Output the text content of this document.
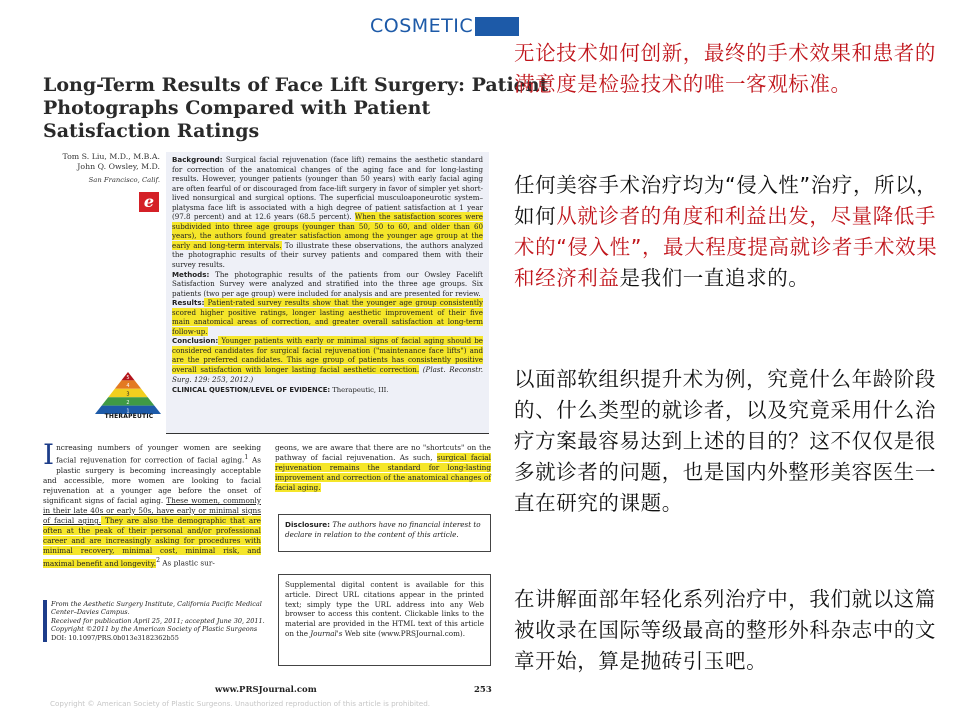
COSMETIC
Long-Term Results of Face Lift Surgery: Patient
Photographs Compared with Patient
Satisfaction Ratings
Tom S. Liu, M.D., M.B.A.
John Q. Owsley, M.D.
San Francisco, Calif.
e
5
4
3
2
1
THERAPEUTIC

Background: Surgical facial rejuvenation (face lift) remains the aesthetic standard for correction of the anatomical changes of the aging face and for long-lasting results. However, younger patients (younger than 50 years) with early facial aging are often fearful of or discouraged from face-lift surgery in favor of simpler yet short-lived nonsurgical and surgical options. The superficial musculoaponeurotic system–platysma face lift is associated with a high degree of patient satisfaction at 1 year (97.8 percent) and at 12.6 years (68.5 percent). When the satisfaction scores were subdivided into three age groups (younger than 50, 50 to 60, and older than 60 years), the authors found greater satisfaction among the younger age group at the early and long-term intervals. To illustrate these observations, the authors analyzed the photographic results of their survey patients and compared them with their survey results.

Methods: The photographic results of the patients from our Owsley Facelift Satisfaction Survey were analyzed and stratified into the three age groups. Six patients (two per age group) were included for analysis and are presented for review.

Results: Patient-rated survey results show that the younger age group consistently scored higher positive ratings, longer lasting aesthetic improvement of their five main anatomical areas of correction, and greater overall satisfaction at long-term follow-up.

Conclusion: Younger patients with early or minimal signs of facial aging should be considered candidates for surgical facial rejuvenation ("maintenance face lifts") and are the preferred candidates. This age group of patients has consistently positive overall satisfaction with longer lasting facial aesthetic correction. (Plast. Reconstr. Surg. 129: 253, 2012.)

CLINICAL QUESTION/LEVEL OF EVIDENCE: Therapeutic, III.
Increasing numbers of younger women are seeking facial rejuvenation for correction of facial aging.$^1$ As plastic surgery is becoming increasingly acceptable and accessible, more women are looking to facial rejuvenation at a younger age before the onset of significant signs of facial aging. These women, commonly in their late 40s or early 50s, have early or minimal signs of facial aging. They are also the demographic that are often at the peak of their personal and/or professional career and are increasingly asking for procedures with minimal recovery, minimal cost, minimal risk, and maximal benefit and longevity.$^2$ As plastic sur-
geons, we are aware that there are no "shortcuts" on the pathway of facial rejuvenation. As such, surgical facial rejuvenation remains the standard for long-lasting improvement and correction of the anatomical changes of facial aging.
Disclosure: The authors have no financial interest to declare in relation to the content of this article.
Supplemental digital content is available for this article. Direct URL citations appear in the printed text; simply type the URL address into any Web browser to access this content. Clickable links to the material are provided in the HTML text of this article on the Journal's Web site (www.PRSJournal.com).
From the Aesthetic Surgery Institute, California Pacific Medical Center–Davies Campus.
Received for publication April 25, 2011; accepted June 30, 2011.
Copyright ©2011 by the American Society of Plastic Surgeons
DOI: 10.1097/PRS.0b013e3182362b55
www.PRSJournal.com	253
Copyright © American Society of Plastic Surgeons. Unauthorized reproduction of this article is prohibited.
无论技术如何创新，最终的手术效果和患者的满意度是检验技术的唯一客观标准。
任何美容手术治疗均为“侵入性”治疗，所以，如何从就诊者的角度和利益出发，尽量降低手术的“侵入性”，最大程度提高就诊者手术效果和经济利益是我们一直追求的。
以面部软组织提升术为例，究竟什么年龄阶段的、什么类型的就诊者，以及究竟采用什么治疗方案最容易达到上述的目的？这不仅仅是很多就诊者的问题，也是国内外整形美容医生一直在研究的课题。
在讲解面部年轻化系列治疗中，我们就以这篇被收录在国际等级最高的整形外科杂志中的文章开始，算是抛砖引玉吧。
